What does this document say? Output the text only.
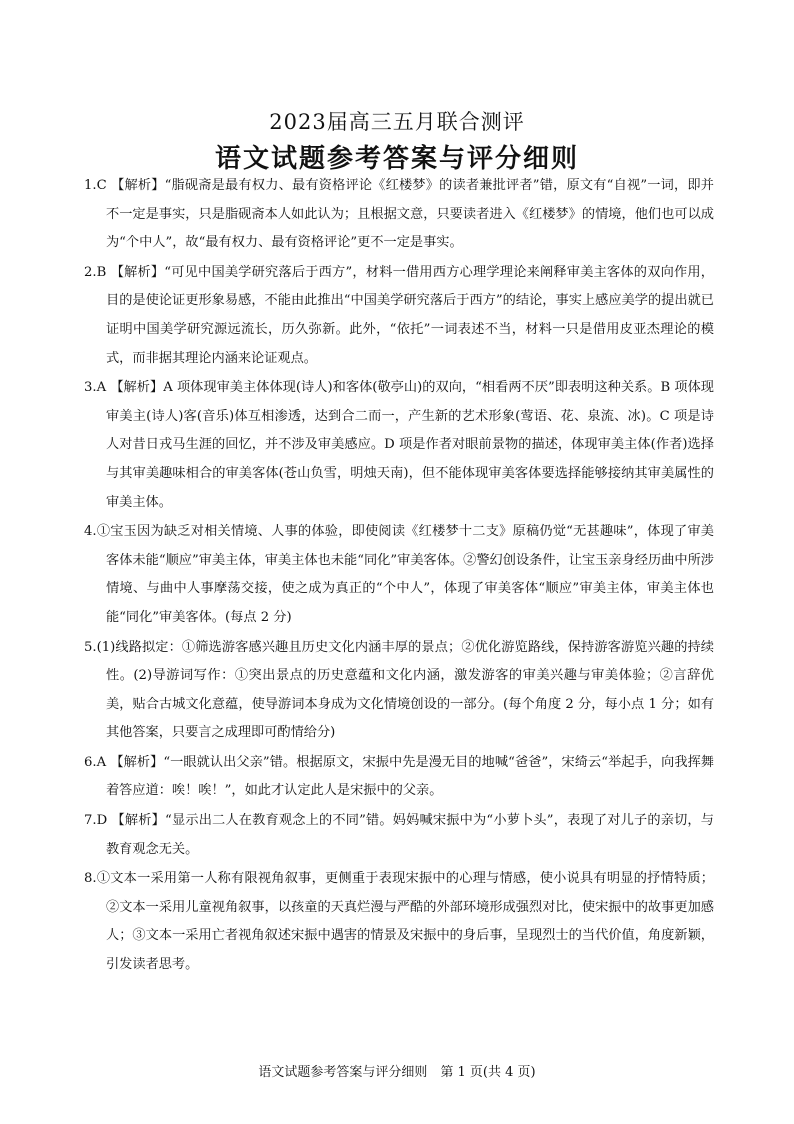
2023届高三五月联合测评
语文试题参考答案与评分细则

1.C 【解析】“脂砚斋是最有权力、最有资格评论《红楼梦》的读者兼批评者”错，原文有“自视”一词，即并不一定是事实，只是脂砚斋本人如此认为；且根据文意，只要读者进入《红楼梦》的情境，他们也可以成为“个中人”，故“最有权力、最有资格评论”更不一定是事实。

2.B 【解析】“可见中国美学研究落后于西方”，材料一借用西方心理学理论来阐释审美主客体的双向作用，目的是使论证更形象易感，不能由此推出“中国美学研究落后于西方”的结论，事实上感应美学的提出就已证明中国美学研究源远流长，历久弥新。此外，“依托”一词表述不当，材料一只是借用皮亚杰理论的模式，而非据其理论内涵来论证观点。

3.A 【解析】A 项体现审美主体体现(诗人)和客体(敬亭山)的双向，“相看两不厌”即表明这种关系。B 项体现审美主(诗人)客(音乐)体互相渗透，达到合二而一，产生新的艺术形象(莺语、花、泉流、冰)。C 项是诗人对昔日戎马生涯的回忆，并不涉及审美感应。D 项是作者对眼前景物的描述，体现审美主体(作者)选择与其审美趣味相合的审美客体(苍山负雪，明烛天南)，但不能体现审美客体要选择能够接纳其审美属性的审美主体。

4.①宝玉因为缺乏对相关情境、人事的体验，即使阅读《红楼梦十二支》原稿仍觉“无甚趣味”，体现了审美客体未能“顺应”审美主体，审美主体也未能“同化”审美客体。②警幻创设条件，让宝玉亲身经历曲中所涉情境、与曲中人事摩荡交接，使之成为真正的“个中人”，体现了审美客体“顺应”审美主体，审美主体也能“同化”审美客体。(每点 2 分)

5.(1)线路拟定：①筛选游客感兴趣且历史文化内涵丰厚的景点；②优化游览路线，保持游客游览兴趣的持续性。(2)导游词写作：①突出景点的历史意蕴和文化内涵，激发游客的审美兴趣与审美体验；②言辞优美，贴合古城文化意蕴，使导游词本身成为文化情境创设的一部分。(每个角度 2 分，每小点 1 分；如有其他答案，只要言之成理即可酌情给分)

6.A 【解析】“一眼就认出父亲”错。根据原文，宋振中先是漫无目的地喊“爸爸”，宋绮云“举起手，向我挥舞着答应道：唉！唉！”，如此才认定此人是宋振中的父亲。

7.D 【解析】“显示出二人在教育观念上的不同”错。妈妈喊宋振中为“小萝卜头”，表现了对儿子的亲切，与教育观念无关。

8.①文本一采用第一人称有限视角叙事，更侧重于表现宋振中的心理与情感，使小说具有明显的抒情特质；②文本一采用儿童视角叙事，以孩童的天真烂漫与严酷的外部环境形成强烈对比，使宋振中的故事更加感人；③文本一采用亡者视角叙述宋振中遇害的情景及宋振中的身后事，呈现烈士的当代价值，角度新颖，引发读者思考。

语文试题参考答案与评分细则　第 1 页(共 4 页)
